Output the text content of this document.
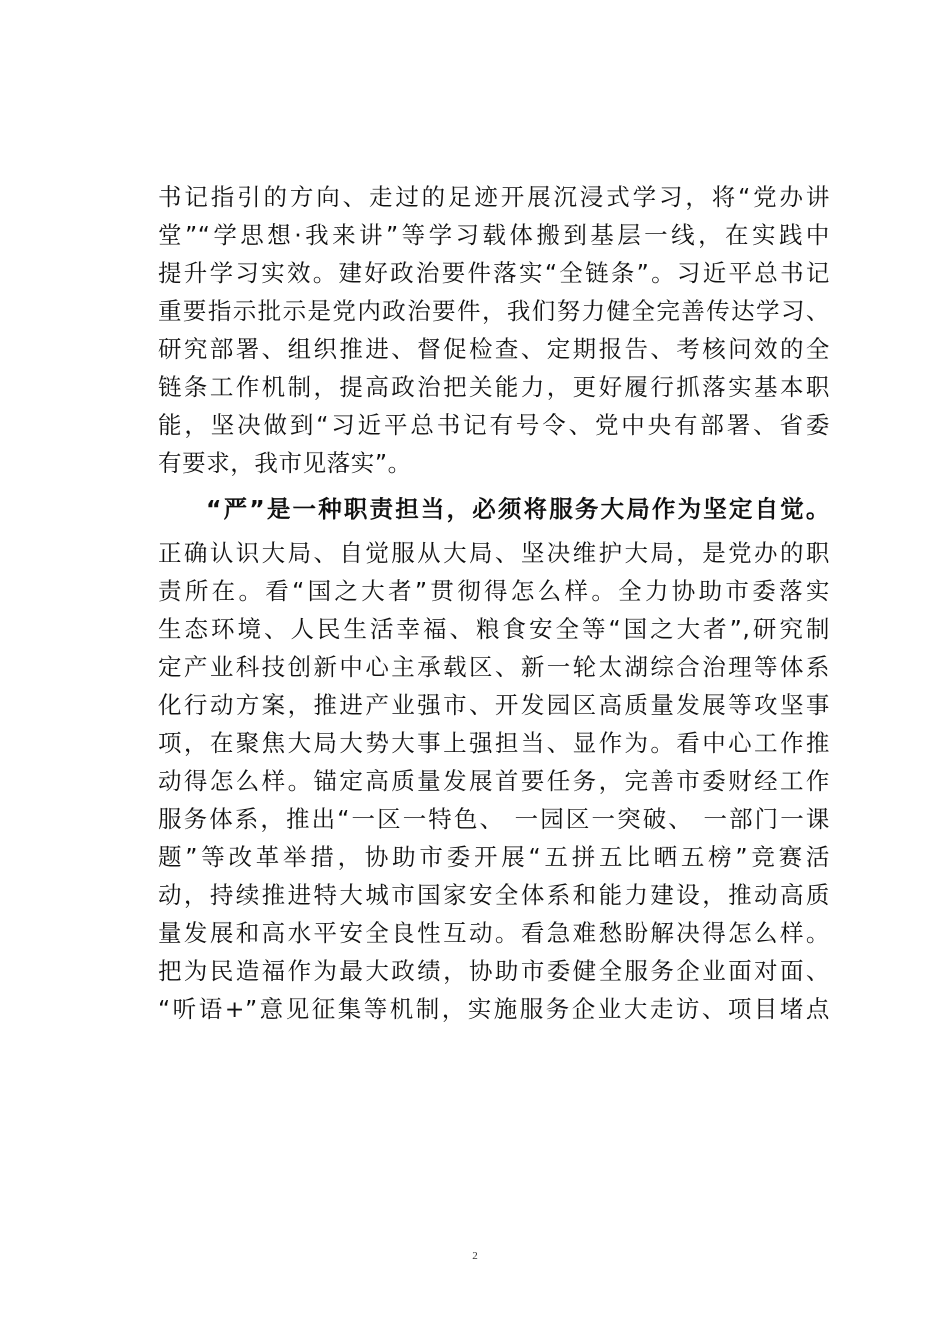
书记指引的方向、走过的足迹开展沉浸式学习，将“党办讲
堂”“学思想·我来讲”等学习载体搬到基层一线，在实践中
提升学习实效。建好政治要件落实“全链条”。习近平总书记
重要指示批示是党内政治要件，我们努力健全完善传达学习、
研究部署、组织推进、督促检查、定期报告、考核问效的全
链条工作机制，提高政治把关能力，更好履行抓落实基本职
能，坚决做到“习近平总书记有号令、党中央有部署、省委
有要求，我市见落实”。
“严”是一种职责担当，必须将服务大局作为坚定自觉。
正确认识大局、自觉服从大局、坚决维护大局，是党办的职
责所在。看“国之大者”贯彻得怎么样。全力协助市委落实
生态环境、人民生活幸福、粮食安全等“国之大者”,研究制
定产业科技创新中心主承载区、新一轮太湖综合治理等体系
化行动方案，推进产业强市、开发园区高质量发展等攻坚事
项，在聚焦大局大势大事上强担当、显作为。看中心工作推
动得怎么样。锚定高质量发展首要任务，完善市委财经工作
服务体系，推出“一区一特色、 一园区一突破、 一部门一课
题”等改革举措，协助市委开展“五拼五比晒五榜”竞赛活
动，持续推进特大城市国家安全体系和能力建设，推动高质
量发展和高水平安全良性互动。看急难愁盼解决得怎么样。
把为民造福作为最大政绩，协助市委健全服务企业面对面、
“听语+”意见征集等机制，实施服务企业大走访、项目堵点
2
